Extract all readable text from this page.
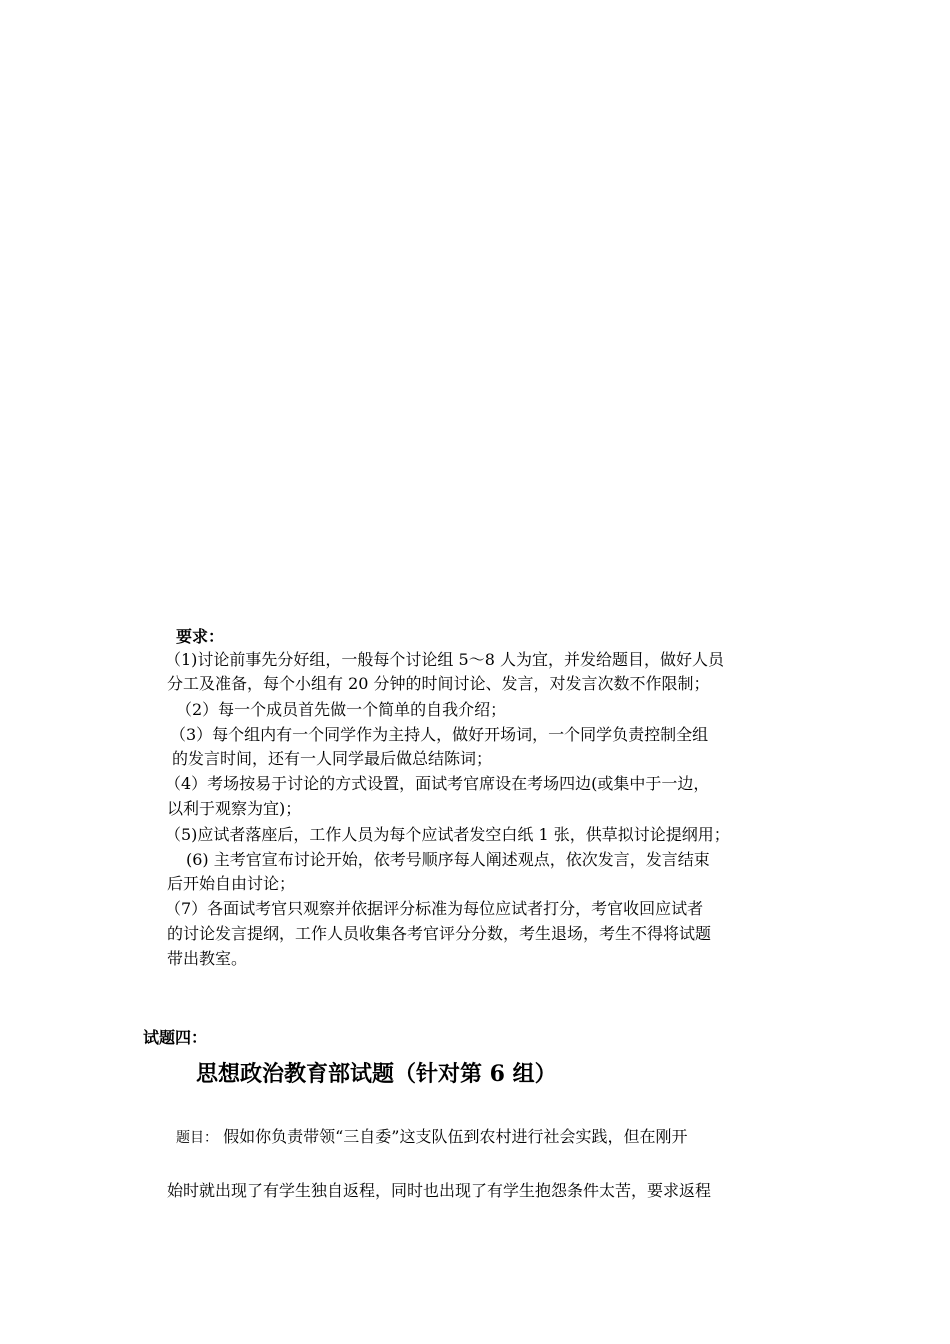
要求：
（1)讨论前事先分好组，一般每个讨论组 5～8 人为宜，并发给题目，做好人员
分工及准备，每个小组有 20 分钟的时间讨论、发言，对发言次数不作限制；
（2）每一个成员首先做一个简单的自我介绍；
（3）每个组内有一个同学作为主持人，做好开场词，一个同学负责控制全组
的发言时间，还有一人同学最后做总结陈词；
（4）考场按易于讨论的方式设置，面试考官席设在考场四边(或集中于一边，
以利于观察为宜)；
（5)应试者落座后，工作人员为每个应试者发空白纸 1 张，供草拟讨论提纲用；
(6) 主考官宣布讨论开始，依考号顺序每人阐述观点，依次发言，发言结束
后开始自由讨论；
（7）各面试考官只观察并依据评分标准为每位应试者打分，考官收回应试者
的讨论发言提纲，工作人员收集各考官评分分数，考生退场，考生不得将试题
带出教室。
试题四：
思想政治教育部试题（针对第 6 组）
题目： 假如你负责带领“三自委”这支队伍到农村进行社会实践，但在刚开
始时就出现了有学生独自返程，同时也出现了有学生抱怨条件太苦，要求返程
